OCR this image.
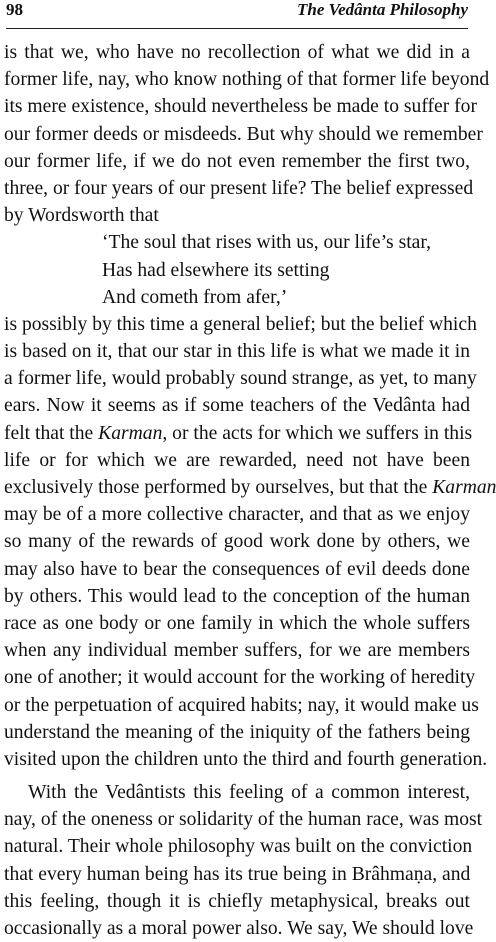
98	The Vedânta Philosophy
is that we, who have no recollection of what we did in a
former life, nay, who know nothing of that former life beyond
its mere existence, should nevertheless be made to suffer for
our former deeds or misdeeds. But why should we remember
our former life, if we do not even remember the first two,
three, or four years of our present life? The belief expressed
by Wordsworth that
‘The soul that rises with us, our life’s star,
Has had elsewhere its setting
And cometh from afer,’
is possibly by this time a general belief; but the belief which
is based on it, that our star in this life is what we made it in
a former life, would probably sound strange, as yet, to many
ears. Now it seems as if some teachers of the Vedânta had
felt that the Karman, or the acts for which we suffers in this
life or for which we are rewarded, need not have been
exclusively those performed by ourselves, but that the Karman
may be of a more collective character, and that as we enjoy
so many of the rewards of good work done by others, we
may also have to bear the consequences of evil deeds done
by others. This would lead to the conception of the human
race as one body or one family in which the whole suffers
when any individual member suffers, for we are members
one of another; it would account for the working of heredity
or the perpetuation of acquired habits; nay, it would make us
understand the meaning of the iniquity of the fathers being
visited upon the children unto the third and fourth generation.
With the Vedântists this feeling of a common interest,
nay, of the oneness or solidarity of the human race, was most
natural. Their whole philosophy was built on the conviction
that every human being has its true being in Brâhmaṇa, and
this feeling, though it is chiefly metaphysical, breaks out
occasionally as a moral power also. We say, We should love
